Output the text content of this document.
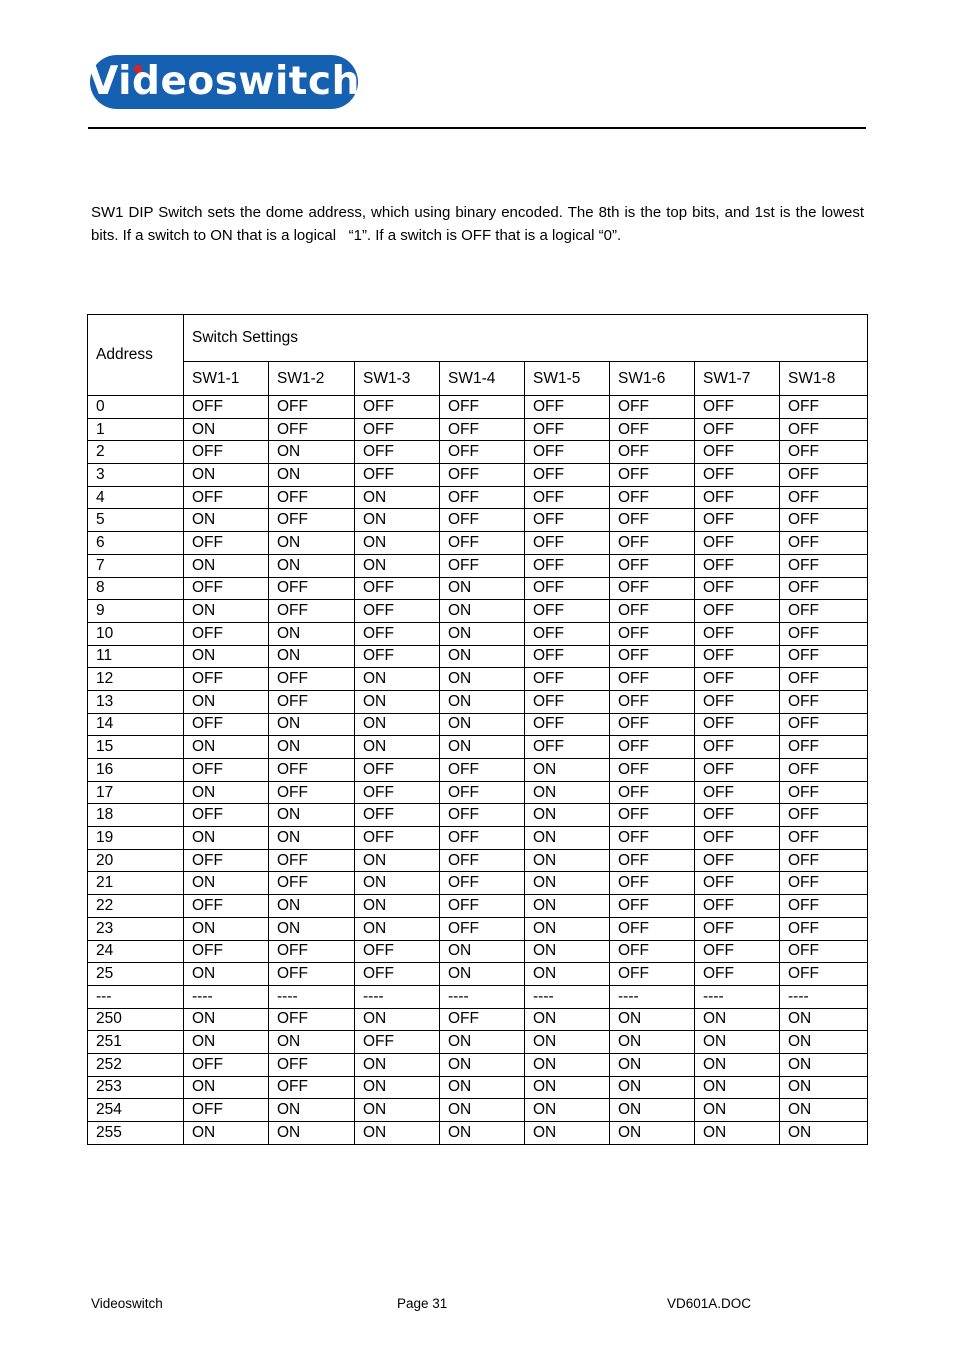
Videoswitch

SW1 DIP Switch sets the dome address, which using binary encoded. The 8th is the top bits, and 1st is the lowest bits. If a switch to ON that is a logical   “1”. If a switch is OFF that is a logical “0”.

Address	Switch Settings							
	SW1-1	SW1-2	SW1-3	SW1-4	SW1-5	SW1-6	SW1-7	SW1-8
0	OFF	OFF	OFF	OFF	OFF	OFF	OFF	OFF
1	ON	OFF	OFF	OFF	OFF	OFF	OFF	OFF
2	OFF	ON	OFF	OFF	OFF	OFF	OFF	OFF
3	ON	ON	OFF	OFF	OFF	OFF	OFF	OFF
4	OFF	OFF	ON	OFF	OFF	OFF	OFF	OFF
5	ON	OFF	ON	OFF	OFF	OFF	OFF	OFF
6	OFF	ON	ON	OFF	OFF	OFF	OFF	OFF
7	ON	ON	ON	OFF	OFF	OFF	OFF	OFF
8	OFF	OFF	OFF	ON	OFF	OFF	OFF	OFF
9	ON	OFF	OFF	ON	OFF	OFF	OFF	OFF
10	OFF	ON	OFF	ON	OFF	OFF	OFF	OFF
11	ON	ON	OFF	ON	OFF	OFF	OFF	OFF
12	OFF	OFF	ON	ON	OFF	OFF	OFF	OFF
13	ON	OFF	ON	ON	OFF	OFF	OFF	OFF
14	OFF	ON	ON	ON	OFF	OFF	OFF	OFF
15	ON	ON	ON	ON	OFF	OFF	OFF	OFF
16	OFF	OFF	OFF	OFF	ON	OFF	OFF	OFF
17	ON	OFF	OFF	OFF	ON	OFF	OFF	OFF
18	OFF	ON	OFF	OFF	ON	OFF	OFF	OFF
19	ON	ON	OFF	OFF	ON	OFF	OFF	OFF
20	OFF	OFF	ON	OFF	ON	OFF	OFF	OFF
21	ON	OFF	ON	OFF	ON	OFF	OFF	OFF
22	OFF	ON	ON	OFF	ON	OFF	OFF	OFF
23	ON	ON	ON	OFF	ON	OFF	OFF	OFF
24	OFF	OFF	OFF	ON	ON	OFF	OFF	OFF
25	ON	OFF	OFF	ON	ON	OFF	OFF	OFF
---	----	----	----	----	----	----	----	----
250	ON	OFF	ON	OFF	ON	ON	ON	ON
251	ON	ON	OFF	ON	ON	ON	ON	ON
252	OFF	OFF	ON	ON	ON	ON	ON	ON
253	ON	OFF	ON	ON	ON	ON	ON	ON
254	OFF	ON	ON	ON	ON	ON	ON	ON
255	ON	ON	ON	ON	ON	ON	ON	ON

Videoswitch	Page 31	VD601A.DOC
